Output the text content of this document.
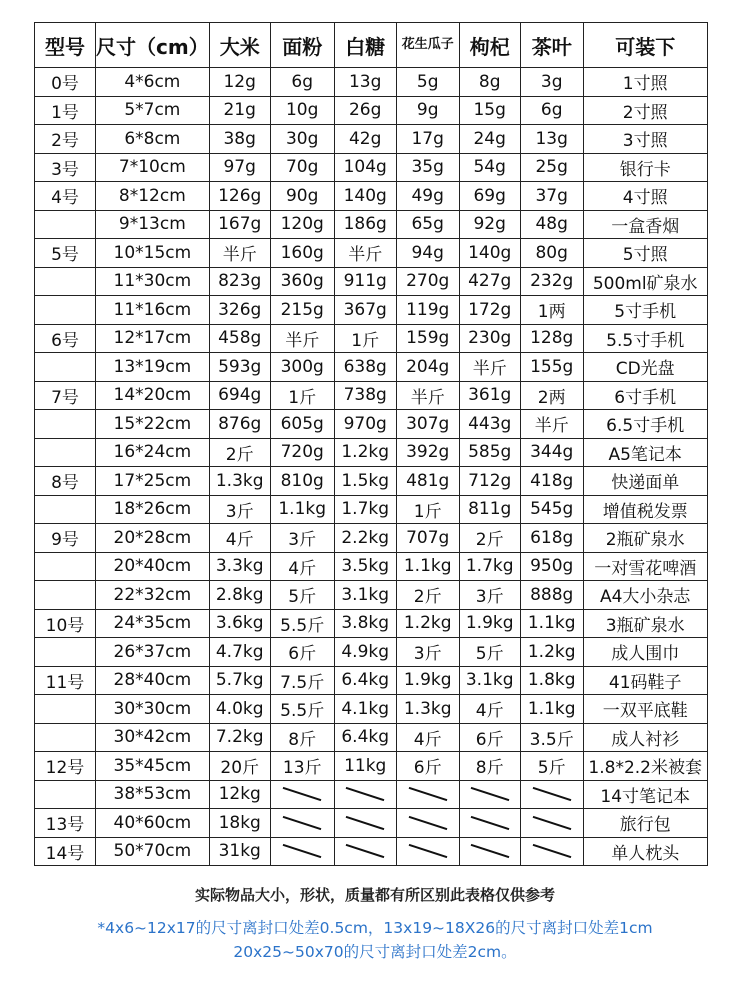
型号	尺寸（cm）	大米	面粉	白糖	花生瓜子	枸杞	茶叶	可装下
0号	4*6cm	12g	6g	13g	5g	8g	3g	1寸照
1号	5*7cm	21g	10g	26g	9g	15g	6g	2寸照
2号	6*8cm	38g	30g	42g	17g	24g	13g	3寸照
3号	7*10cm	97g	70g	104g	35g	54g	25g	银行卡
4号	8*12cm	126g	90g	140g	49g	69g	37g	4寸照
	9*13cm	167g	120g	186g	65g	92g	48g	一盒香烟
5号	10*15cm	半斤	160g	半斤	94g	140g	80g	5寸照
	11*30cm	823g	360g	911g	270g	427g	232g	500ml矿泉水
	11*16cm	326g	215g	367g	119g	172g	1两	5寸手机
6号	12*17cm	458g	半斤	1斤	159g	230g	128g	5.5寸手机
	13*19cm	593g	300g	638g	204g	半斤	155g	CD光盘
7号	14*20cm	694g	1斤	738g	半斤	361g	2两	6寸手机
	15*22cm	876g	605g	970g	307g	443g	半斤	6.5寸手机
	16*24cm	2斤	720g	1.2kg	392g	585g	344g	A5笔记本
8号	17*25cm	1.3kg	810g	1.5kg	481g	712g	418g	快递面单
	18*26cm	3斤	1.1kg	1.7kg	1斤	811g	545g	增值税发票
9号	20*28cm	4斤	3斤	2.2kg	707g	2斤	618g	2瓶矿泉水
	20*40cm	3.3kg	4斤	3.5kg	1.1kg	1.7kg	950g	一对雪花啤酒
	22*32cm	2.8kg	5斤	3.1kg	2斤	3斤	888g	A4大小杂志
10号	24*35cm	3.6kg	5.5斤	3.8kg	1.2kg	1.9kg	1.1kg	3瓶矿泉水
	26*37cm	4.7kg	6斤	4.9kg	3斤	5斤	1.2kg	成人围巾
11号	28*40cm	5.7kg	7.5斤	6.4kg	1.9kg	3.1kg	1.8kg	41码鞋子
	30*30cm	4.0kg	5.5斤	4.1kg	1.3kg	4斤	1.1kg	一双平底鞋
	30*42cm	7.2kg	8斤	6.4kg	4斤	6斤	3.5斤	成人衬衫
12号	35*45cm	20斤	13斤	11kg	6斤	8斤	5斤	1.8*2.2米被套
	38*53cm	12kg						14寸笔记本
13号	40*60cm	18kg						旅行包
14号	50*70cm	31kg						单人枕头
实际物品大小，形状，质量都有所区别此表格仅供参考
*4x6~12x17的尺寸离封口处差0.5cm，13x19~18X26的尺寸离封口处差1cm
20x25~50x70的尺寸离封口处差2cm。
